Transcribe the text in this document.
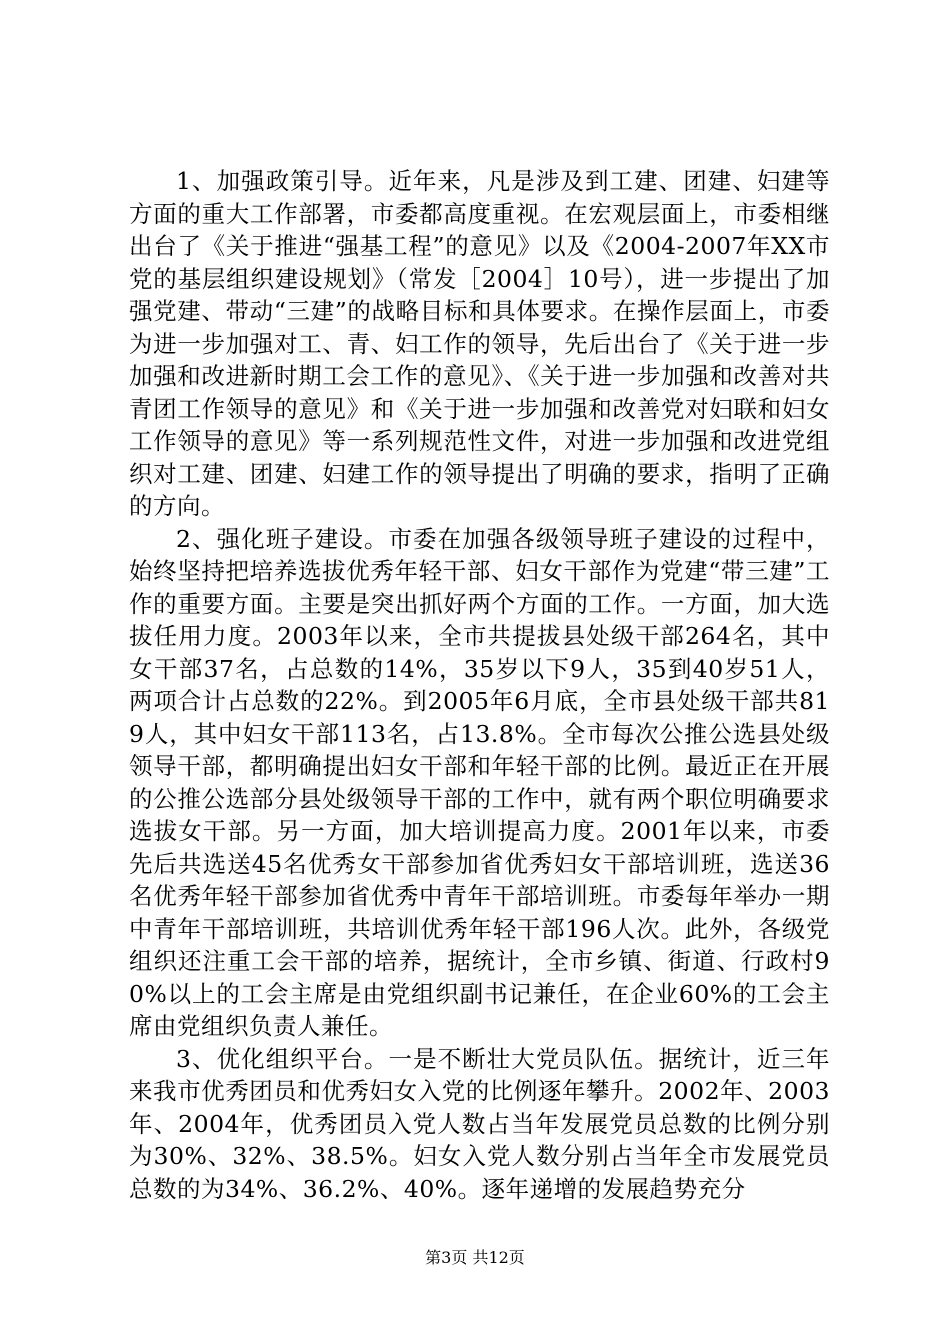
1、加强政策引导。近年来，凡是涉及到工建、团建、妇建等方面的重大工作部署，市委都高度重视。在宏观层面上，市委相继出台了《关于推进“强基工程”的意见》以及《2004-2007年XX市党的基层组织建设规划》（常发［2004］10号），进一步提出了加强党建、带动“三建”的战略目标和具体要求。在操作层面上，市委为进一步加强对工、青、妇工作的领导，先后出台了《关于进一步加强和改进新时期工会工作的意见》、《关于进一步加强和改善对共青团工作领导的意见》和《关于进一步加强和改善党对妇联和妇女工作领导的意见》等一系列规范性文件，对进一步加强和改进党组织对工建、团建、妇建工作的领导提出了明确的要求，指明了正确的方向。

2、强化班子建设。市委在加强各级领导班子建设的过程中，始终坚持把培养选拔优秀年轻干部、妇女干部作为党建“带三建”工作的重要方面。主要是突出抓好两个方面的工作。一方面，加大选拔任用力度。2003年以来，全市共提拔县处级干部264名，其中女干部37名，占总数的14%，35岁以下9人，35到40岁51人，两项合计占总数的22%。到2005年6月底，全市县处级干部共819人，其中妇女干部113名，占13.8%。全市每次公推公选县处级领导干部，都明确提出妇女干部和年轻干部的比例。最近正在开展的公推公选部分县处级领导干部的工作中，就有两个职位明确要求选拔女干部。另一方面，加大培训提高力度。2001年以来，市委先后共选送45名优秀女干部参加省优秀妇女干部培训班，选送36名优秀年轻干部参加省优秀中青年干部培训班。市委每年举办一期中青年干部培训班，共培训优秀年轻干部196人次。此外，各级党组织还注重工会干部的培养，据统计，全市乡镇、街道、行政村90%以上的工会主席是由党组织副书记兼任，在企业60%的工会主席由党组织负责人兼任。

3、优化组织平台。一是不断壮大党员队伍。据统计，近三年来我市优秀团员和优秀妇女入党的比例逐年攀升。2002年、2003年、2004年，优秀团员入党人数占当年发展党员总数的比例分别为30%、32%、38.5%。妇女入党人数分别占当年全市发展党员总数的为34%、36.2%、40%。逐年递增的发展趋势充分

第3页 共12页
